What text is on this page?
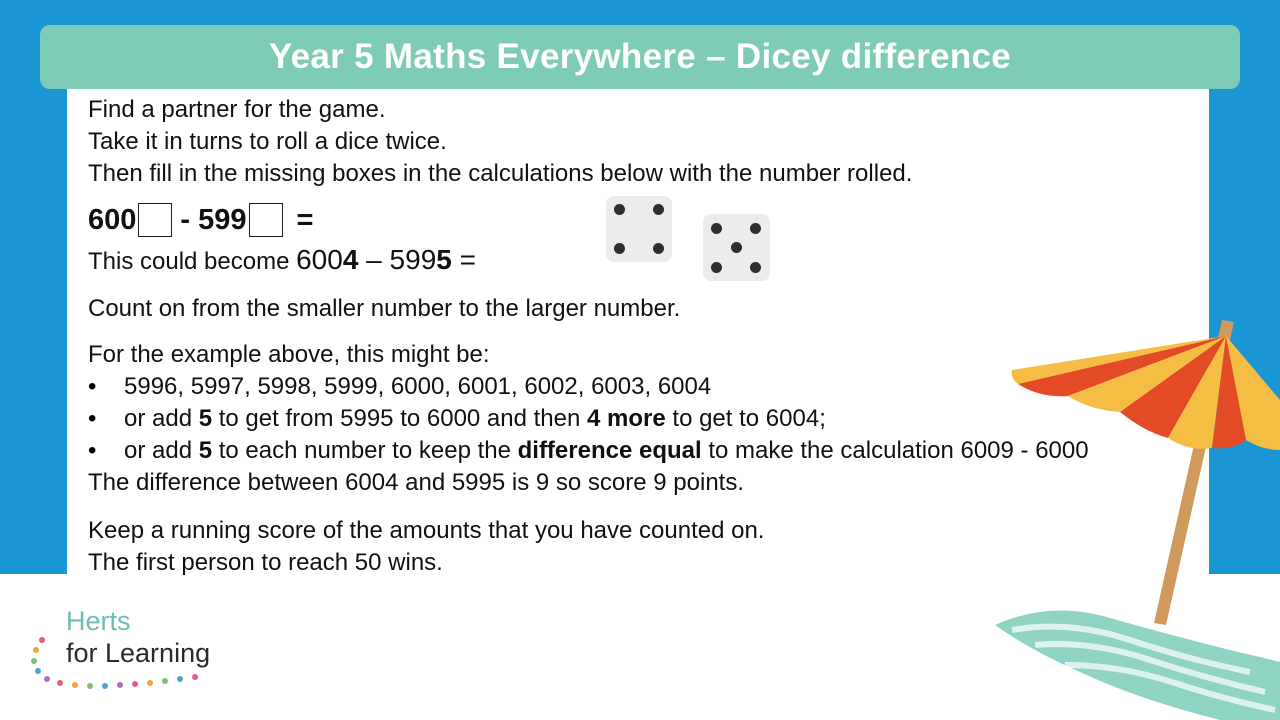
Year 5 Maths Everywhere – Dicey difference
Find a partner for the game.
Take it in turns to roll a dice twice.
Then fill in the missing boxes in the calculations below with the number rolled.
600 - 599 =
This could become 6004 – 5995 =
Count on from the smaller number to the larger number.
For the example above, this might be:
• 5996, 5997, 5998, 5999, 6000, 6001, 6002, 6003, 6004
• or add 5 to get from 5995 to 6000 and then 4 more to get to 6004;
• or add 5 to each number to keep the difference equal to make the calculation 6009 - 6000
The difference between 6004 and 5995 is 9 so score 9 points.
Keep a running score of the amounts that you have counted on.
The first person to reach 50 wins.
Herts
for Learning
